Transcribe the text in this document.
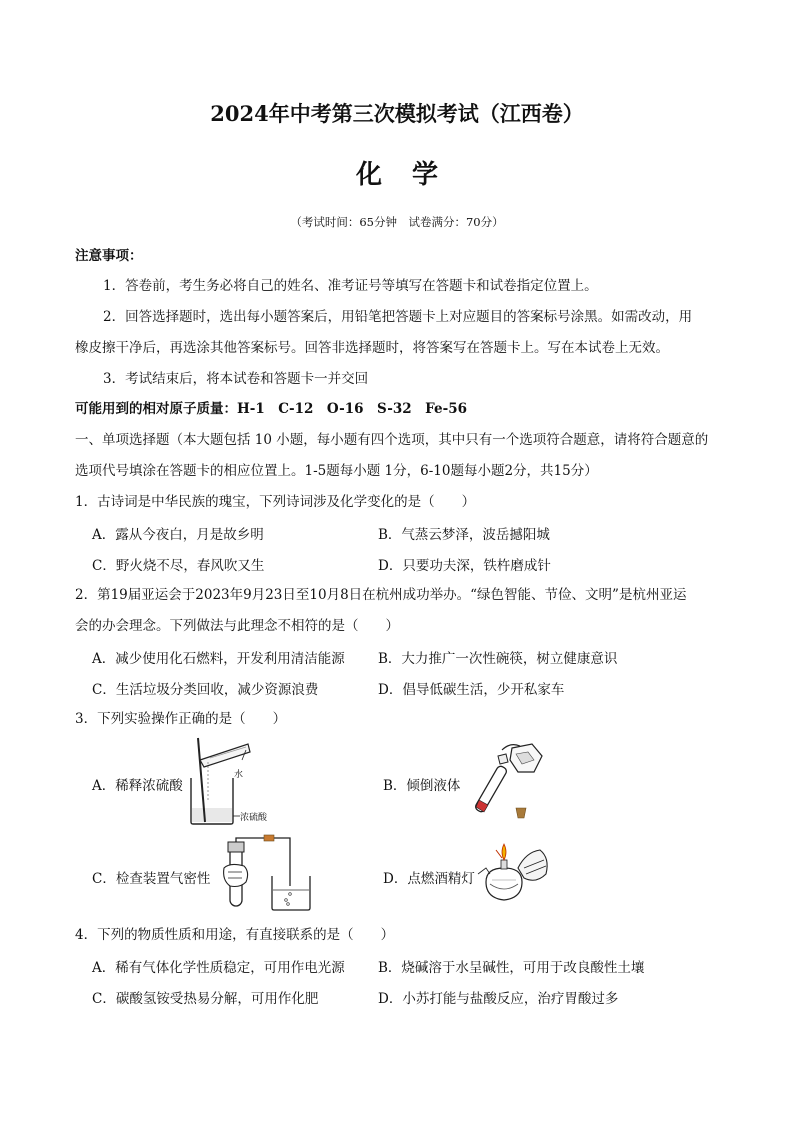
2024年中考第三次模拟考试（江西卷）
化学
（考试时间：65分钟　试卷满分：70分）
注意事项：
1．答卷前，考生务必将自己的姓名、准考证号等填写在答题卡和试卷指定位置上。
2．回答选择题时，选出每小题答案后，用铅笔把答题卡上对应题目的答案标号涂黑。如需改动，用
橡皮擦干净后，再选涂其他答案标号。回答非选择题时，将答案写在答题卡上。写在本试卷上无效。
3．考试结束后，将本试卷和答题卡一并交回
可能用到的相对原子质量：H-1　C-12　O-16　S-32　Fe-56
一、单项选择题（本大题包括 10 小题，每小题有四个选项，其中只有一个选项符合题意，请将符合题意的
选项代号填涂在答题卡的相应位置上。1-5题每小题 1分，6-10题每小题2分，共15分）
1．古诗词是中华民族的瑰宝，下列诗词涉及化学变化的是（　　）
A．露从今夜白，月是故乡明	B．气蒸云梦泽，波岳撼阳城
C．野火烧不尽，春风吹又生	D．只要功夫深，铁杵磨成针
2．第19届亚运会于2023年9月23日至10月8日在杭州成功举办。“绿色智能、节俭、文明”是杭州亚运
会的办会理念。下列做法与此理念不相符的是（　　）
A．减少使用化石燃料，开发利用清洁能源 B．大力推广一次性碗筷，树立健康意识
C．生活垃圾分类回收，减少资源浪费	D．倡导低碳生活，少开私家车
3．下列实验操作正确的是（　　）
A．稀释浓硫酸	B．倾倒液体
C．检查装置气密性	D．点燃酒精灯
水
浓硫酸
4．下列的物质性质和用途，有直接联系的是（　　）
A．稀有气体化学性质稳定，可用作电光源 B．烧碱溶于水呈碱性，可用于改良酸性土壤
C．碳酸氢铵受热易分解，可用作化肥	D．小苏打能与盐酸反应，治疗胃酸过多
